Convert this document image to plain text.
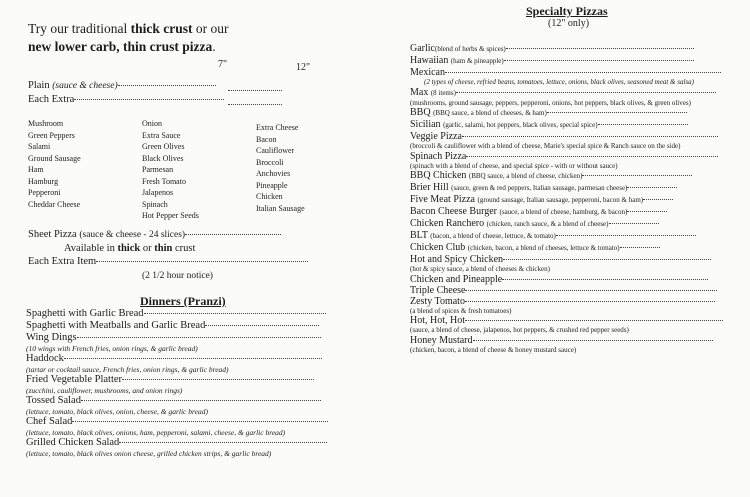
Try our traditional thick crust or our
new lower carb, thin crust pizza.
7"	12"
Plain (sauce & cheese)
Each Extra
Mushroom
Green Peppers
Salami
Ground Sausage
Ham
Hamburg
Pepperoni
Cheddar Cheese
Onion
Extra Sauce
Green Olives
Black Olives
Parmesan
Fresh Tomato
Jalapenos
Spinach
Hot Pepper Seeds
Extra Cheese
Bacon
Cauliflower
Broccoli
Anchovies
Pineapple
Chicken
Italian Sausage
Sheet Pizza (sauce & cheese - 24 slices)
Available in thick or thin crust
Each Extra Item
(2 1/2 hour notice)
Dinners (Pranzi)
Spaghetti with Garlic Bread
Spaghetti with Meatballs and Garlic Bread
Wing Dings
(10 wings with French fries, onion rings, & garlic bread)
Haddock
(tartar or cocktail sauce, French fries, onion rings, & garlic bread)
Fried Vegetable Platter
(zucchini, cauliflower, mushrooms, and onion rings)
Tossed Salad
(lettuce, tomato, black olives, onion, cheese, & garlic bread)
Chef Salad
(lettuce, tomato, black olives, onions, ham, pepperoni, salami, cheese, & garlic bread)
Grilled Chicken Salad
(lettuce, tomato, black olives onion cheese, grilled chicken strips, & garlic bread)
Specialty Pizzas
(12" only)
Garlic(blend of herbs & spices)
Hawaiian (ham & pineapple)
Mexican
(2 types of cheese, refried beans, tomatoes, lettuce, onions, black olives, seasoned meat & salsa)
Max (8 items)
(mushrooms, ground sausage, peppers, pepperoni, onions, hot peppers, black olives, & green olives)
BBQ (BBQ sauce, a blend of cheeses, & ham)
Sicilian (garlic, salami, hot peppers, black olives, special spice)
Veggie Pizza
(broccoli & cauliflower with a blend of cheese, Marie's special spice & Ranch sauce on the side)
Spinach Pizza
(spinach with a blend of cheese, and special spice - with or without sauce)
BBQ Chicken (BBQ sauce, a blend of cheese, chicken)
Brier Hill (sauce, green & red peppers, Italian sausage, parmesan cheese)
Five Meat Pizza (ground sausage, Italian sausage, pepperoni, bacon & ham)
Bacon Cheese Burger (sauce, a blend of cheese, hamburg, & bacon)
Chicken Ranchero (chicken, ranch sauce, & a blend of cheese)
BLT (bacon, a blend of cheese, lettuce, & tomato)
Chicken Club (chicken, bacon, a blend of cheeses, lettuce & tomato)
Hot and Spicy Chicken
(hot & spicy sauce, a blend of cheeses & chicken)
Chicken and Pineapple
Triple Cheese
Zesty Tomato
(a blend of spices & fresh tomatoes)
Hot, Hot, Hot
(sauce, a blend of cheese, jalapenos, hot peppers, & crushed red pepper seeds)
Honey Mustard
(chicken, bacon, a blend of cheese & honey mustard sauce)
